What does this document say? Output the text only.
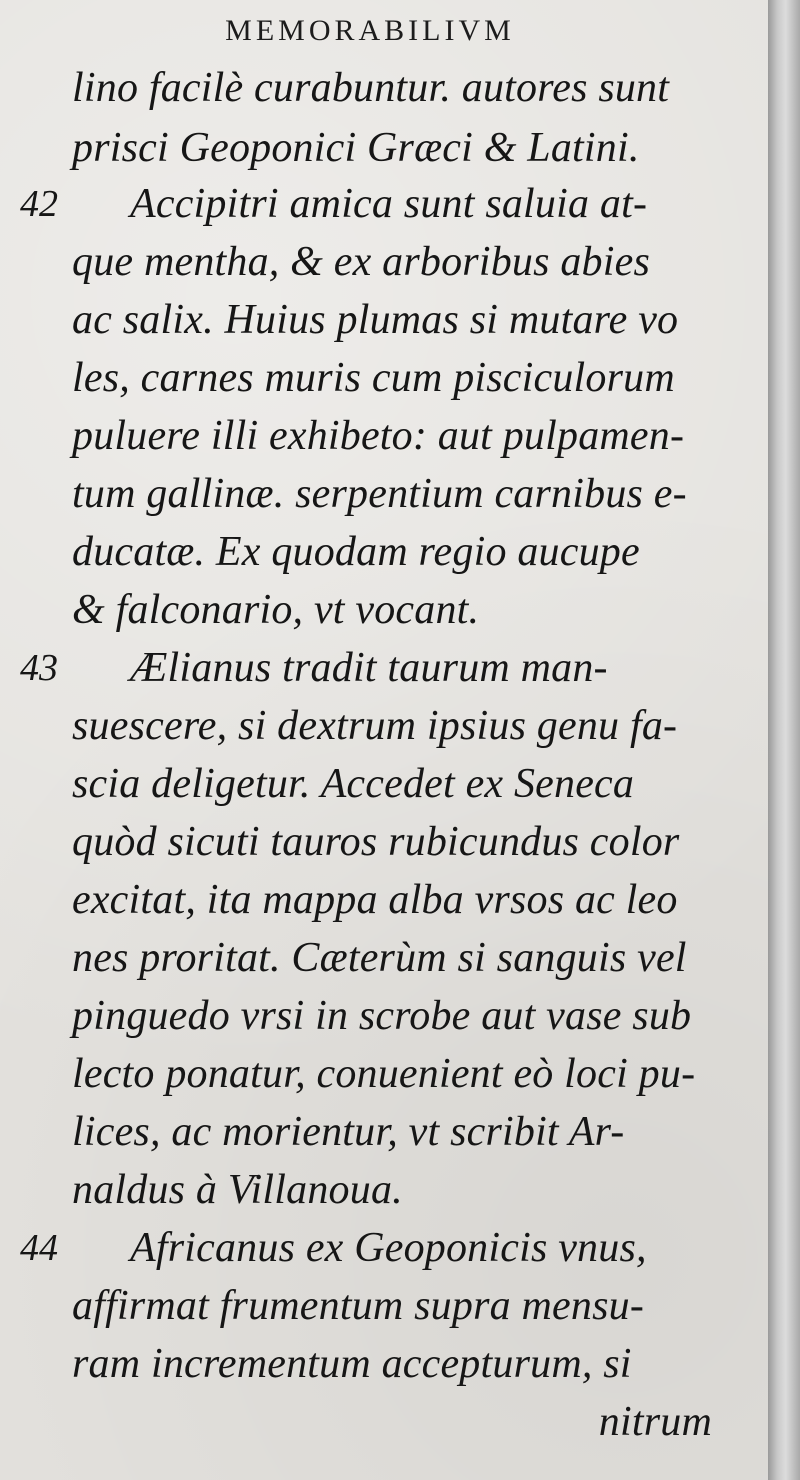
MEMORABILIVM
lino facilè curabuntur. autores sunt
prisci Geoponici Græci & Latini.
42	Accipitri amica sunt saluia at-
que mentha, & ex arboribus abies
ac salix. Huius plumas si mutare vo
les, carnes muris cum pisciculorum
puluere illi exhibeto: aut pulpamen-
tum gallinæ. serpentium carnibus e-
ducatæ. Ex quodam regio aucupe
& falconario, vt vocant.
43	Ælianus tradit taurum man-
suescere, si dextrum ipsius genu fa-
scia deligetur. Accedet ex Seneca
quòd sicuti tauros rubicundus color
excitat, ita mappa alba vrsos ac leo
nes proritat. Cæterùm si sanguis vel
pinguedo vrsi in scrobe aut vase sub
lecto ponatur, conuenient eò loci pu-
lices, ac morientur, vt scribit Ar-
naldus à Villanoua.
44	Africanus ex Geoponicis vnus,
affirmat frumentum supra mensu-
ram incrementum accepturum, si
nitrum
